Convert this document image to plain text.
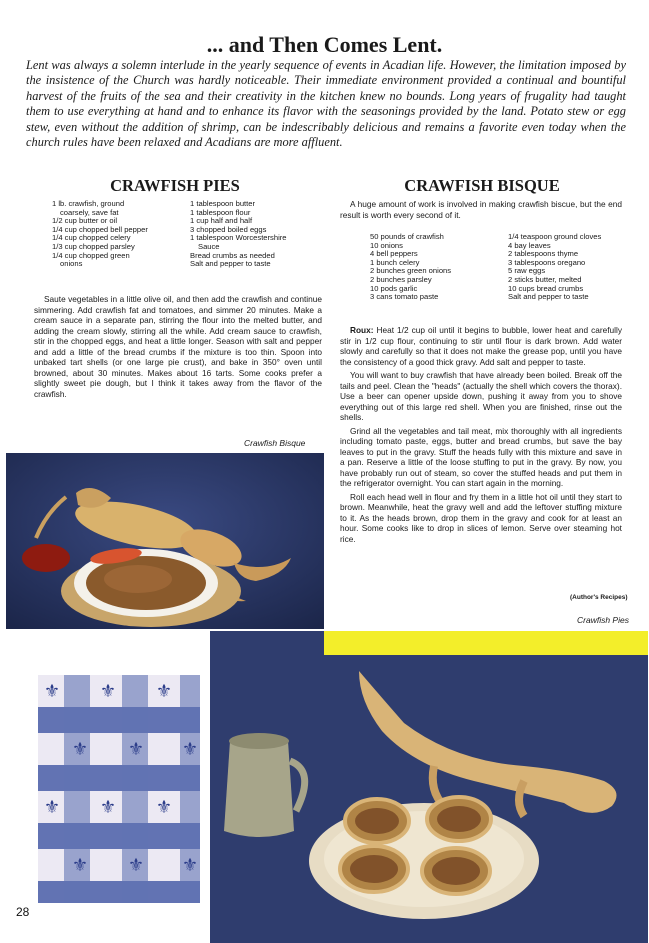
... and Then Comes Lent.
Lent was always a solemn interlude in the yearly sequence of events in Acadian life. However, the limitation imposed by the insistence of the Church was hardly noticeable. Their immediate environment provided a continual and bountiful harvest of the fruits of the sea and their creativity in the kitchen knew no bounds. Long years of frugality had taught them to use everything at hand and to enhance its flavor with the seasonings provided by the land. Potato stew or egg stew, even without the addition of shrimp, can be indescribably delicious and remains a favorite even today when the church rules have been relaxed and Acadians are more affluent.
CRAWFISH PIES
1 lb. crawfish, ground
coarsely, save fat
1/2 cup butter or oil
1/4 cup chopped bell pepper
1/4 cup chopped celery
1/3 cup chopped parsley
1/4 cup chopped green
onions
1 tablespoon butter
1 tablespoon flour
1 cup half and half
3 chopped boiled eggs
1 tablespoon Worcestershire
Sauce
Bread crumbs as needed
Salt and pepper to taste

Saute vegetables in a little olive oil, and then add the crawfish and continue simmering. Add crawfish fat and tomatoes, and simmer 20 minutes. Make a cream sauce in a separate pan, stirring the flour into the melted butter, and adding the cream slowly, stirring all the while. Add cream sauce to crawfish, stir in the chopped eggs, and heat a little longer. Season with salt and pepper and add a little of the bread crumbs if the mixture is too thin. Spoon into unbaked tart shells (or one large pie crust), and bake in 350° oven until browned, about 30 minutes. Makes about 16 tarts. Some cooks prefer a slightly sweet pie dough, but I think it takes away from the flavor of the crawfish.

Crawfish Bisque
CRAWFISH BISQUE

A huge amount of work is involved in making crawfish biscue, but the end result is worth every second of it.

50 pounds of crawfish
10 onions
4 bell peppers
1 bunch celery
2 bunches green onions
2 bunches parsley
10 pods garlic
3 cans tomato paste
1/4 teaspoon ground cloves
4 bay leaves
2 tablespoons thyme
3 tablespoons oregano
5 raw eggs
2 sticks butter, melted
10 cups bread crumbs
Salt and pepper to taste

Roux: Heat 1/2 cup oil until it begins to bubble, lower heat and carefully stir in 1/2 cup flour, continuing to stir until flour is dark brown. Add water slowly and carefully so that it does not make the grease pop, until you have the consistency of a good thick gravy. Add salt and pepper to taste.

You will want to buy crawfish that have already been boiled. Break off the tails and peel. Clean the "heads" (actually the shell which covers the thorax). Use a beer can opener upside down, pushing it away from you to shove everything out of this large red shell. When you are finished, rinse out the shells.

Grind all the vegetables and tail meat, mix thoroughly with all ingredients including tomato paste, eggs, butter and bread crumbs, but save the bay leaves to put in the gravy. Stuff the heads fully with this mixture and save in a pan. Reserve a little of the loose stuffing to put in the gravy. By now, you have probably run out of steam, so cover the stuffed heads and put them in the refrigerator overnight. You can start again in the morning.

Roll each head well in flour and fry them in a little hot oil until they start to brown. Meanwhile, heat the gravy well and add the leftover stuffing mixture to it. As the heads brown, drop them in the gravy and cook for at least an hour. Some cooks like to drop in slices of lemon. Serve over steaming hot rice.

(Author's Recipes)
Crawfish Pies
⚜ ⚜ ⚜
⚜ ⚜ ⚜
⚜ ⚜ ⚜
⚜ ⚜ ⚜
28
